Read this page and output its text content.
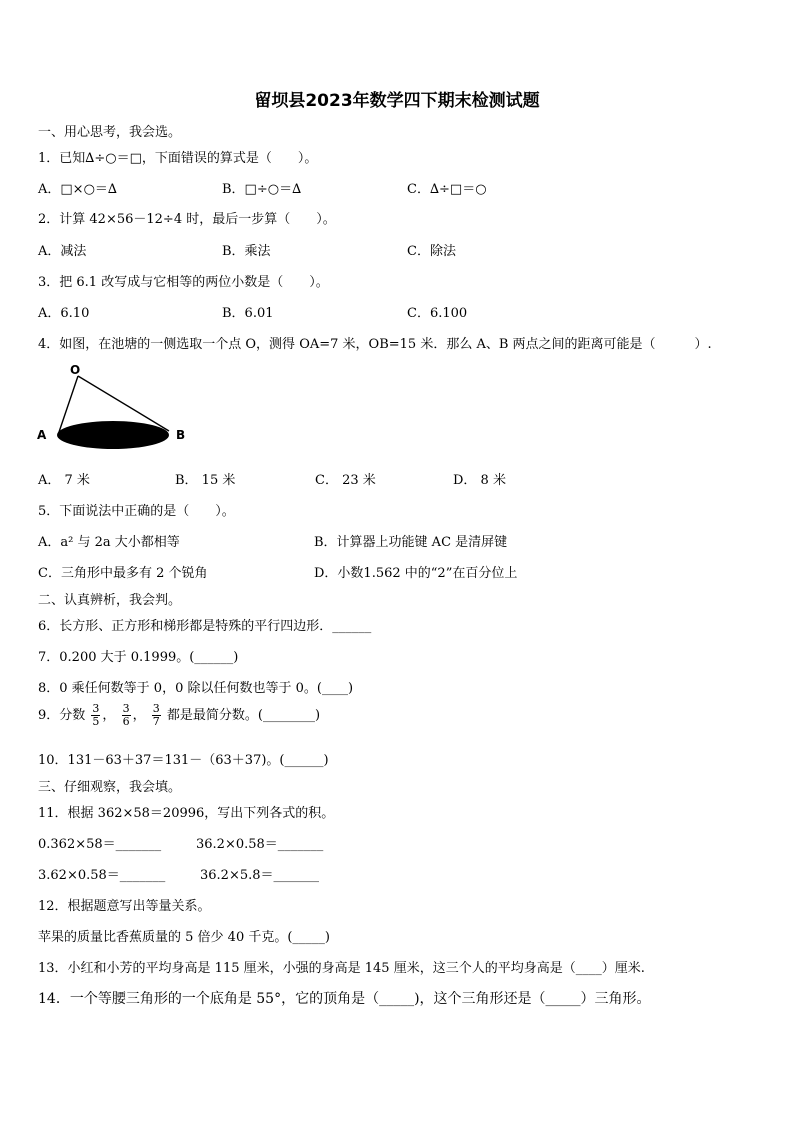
留坝县2023年数学四下期末检测试题
一、用心思考，我会选。
1．已知∆÷○＝□，下面错误的算式是（　　）。
A．□×○＝∆	B．□÷○＝∆	C．∆÷□＝○
2．计算 42×56－12÷4 时，最后一步算（　　）。
A．减法	B．乘法	C．除法
3．把 6.1 改写成与它相等的两位小数是（　　）。
A．6.10	B．6.01	C．6.100
4．如图，在池塘的一侧选取一个点 O，测得 OA=7 米，OB=15 米．那么 A、B 两点之间的距离可能是（　　　）.
O
A	B
A． 7 米	B． 15 米	C． 23 米	D． 8 米
5．下面说法中正确的是（　　）。
A．a² 与 2a 大小都相等	B．计算器上功能键 AC 是清屏键
C．三角形中最多有 2 个锐角	D．小数1.562 中的“2”在百分位上
二、认真辨析，我会判。
6．长方形、正方形和梯形都是特殊的平行四边形．______
7．0.200 大于 0.1999。(______)
8．0 乘任何数等于 0，0 除以任何数也等于 0。(____)
9．分数 $\frac{3}{5}$ ， $\frac{3}{6}$ ， $\frac{3}{7}$ 都是最简分数。(________)
10．131－63＋37＝131－（63＋37)。(______)
三、仔细观察，我会填。
11．根据 362×58＝20996，写出下列各式的积。
0.362×58＝_______	36.2×0.58＝_______
3.62×0.58＝_______	36.2×5.8＝_______
12．根据题意写出等量关系。
苹果的质量比香蕉质量的 5 倍少 40 千克。(_____)
13．小红和小芳的平均身高是 115 厘米，小强的身高是 145 厘米，这三个人的平均身高是（____）厘米.
14．一个等腰三角形的一个底角是 55°，它的顶角是（_____)，这个三角形还是（_____）三角形。
